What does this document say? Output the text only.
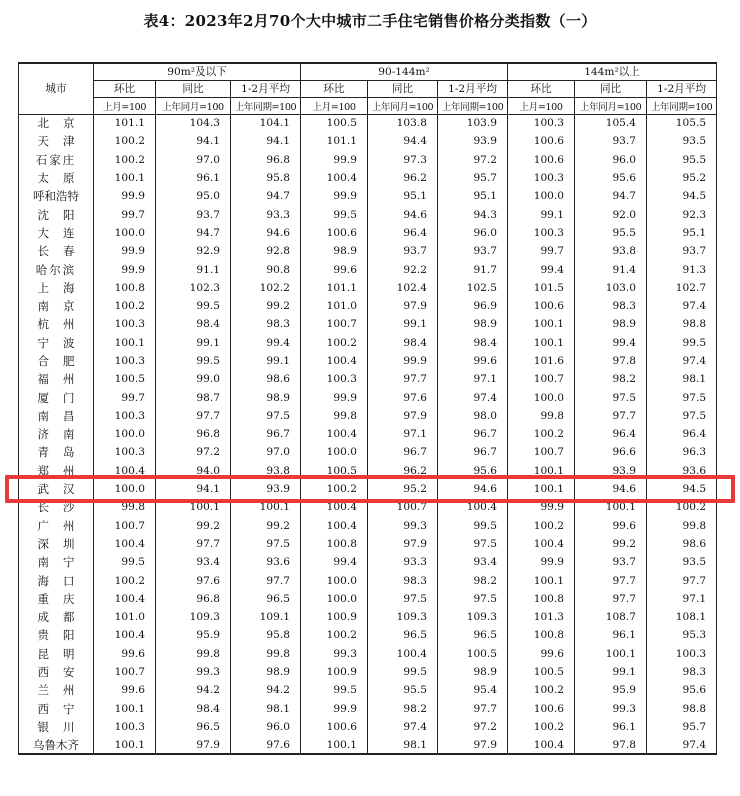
表4：2023年2月70个大中城市二手住宅销售价格分类指数（一）
城市	90m²及以下			90-144m²			144m²以上		
	环比	同比	1-2月平均	环比	同比	1-2月平均	环比	同比	1-2月平均
	上月=100	上年同月=100	上年同期=100	上月=100	上年同月=100	上年同期=100	上月=100	上年同月=100	上年同期=100
北京	101.1	104.3	104.1	100.5	103.8	103.9	100.3	105.4	105.5
天津	100.2	94.1	94.1	101.1	94.4	93.9	100.6	93.7	93.5
石家庄	100.2	97.0	96.8	99.9	97.3	97.2	100.6	96.0	95.5
太原	100.1	96.1	95.8	100.4	96.2	95.7	100.3	95.6	95.2
呼和浩特	99.9	95.0	94.7	99.9	95.1	95.1	100.0	94.7	94.5
沈阳	99.7	93.7	93.3	99.5	94.6	94.3	99.1	92.0	92.3
大连	100.0	94.7	94.6	100.6	96.4	96.0	100.3	95.5	95.1
长春	99.9	92.9	92.8	98.9	93.7	93.7	99.7	93.8	93.7
哈尔滨	99.9	91.1	90.8	99.6	92.2	91.7	99.4	91.4	91.3
上海	100.8	102.3	102.2	101.1	102.4	102.5	101.5	103.0	102.7
南京	100.2	99.5	99.2	101.0	97.9	96.9	100.6	98.3	97.4
杭州	100.3	98.4	98.3	100.7	99.1	98.9	100.1	98.9	98.8
宁波	100.1	99.1	99.4	100.2	98.4	98.4	100.1	99.4	99.5
合肥	100.3	99.5	99.1	100.4	99.9	99.6	101.6	97.8	97.4
福州	100.5	99.0	98.6	100.3	97.7	97.1	100.7	98.2	98.1
厦门	99.7	98.7	98.9	99.9	97.6	97.4	100.0	97.5	97.5
南昌	100.3	97.7	97.5	99.8	97.9	98.0	99.8	97.7	97.5
济南	100.0	96.8	96.7	100.4	97.1	96.7	100.2	96.4	96.4
青岛	100.3	97.2	97.0	100.0	96.7	96.7	100.7	96.6	96.3
郑州	100.4	94.0	93.8	100.5	96.2	95.6	100.1	93.9	93.6
武汉	100.0	94.1	93.9	100.2	95.2	94.6	100.1	94.6	94.5
长沙	99.8	100.1	100.1	100.4	100.7	100.4	99.9	100.1	100.2
广州	100.7	99.2	99.2	100.4	99.3	99.5	100.2	99.6	99.8
深圳	100.4	97.7	97.5	100.8	97.9	97.5	100.4	99.2	98.6
南宁	99.5	93.4	93.6	99.4	93.3	93.4	99.9	93.7	93.5
海口	100.2	97.6	97.7	100.0	98.3	98.2	100.1	97.7	97.7
重庆	100.4	96.8	96.5	100.0	97.5	97.5	100.8	97.7	97.1
成都	101.0	109.3	109.1	100.9	109.3	109.3	101.3	108.7	108.1
贵阳	100.4	95.9	95.8	100.2	96.5	96.5	100.8	96.1	95.3
昆明	99.6	99.8	99.8	99.3	100.4	100.5	99.6	100.1	100.3
西安	100.7	99.3	98.9	100.9	99.5	98.9	100.5	99.1	98.3
兰州	99.6	94.2	94.2	99.5	95.5	95.4	100.2	95.9	95.6
西宁	100.1	98.4	98.1	99.9	98.2	97.7	100.6	99.3	98.8
银川	100.3	96.5	96.0	100.6	97.4	97.2	100.2	96.1	95.7
乌鲁木齐	100.1	97.9	97.6	100.1	98.1	97.9	100.4	97.8	97.4
